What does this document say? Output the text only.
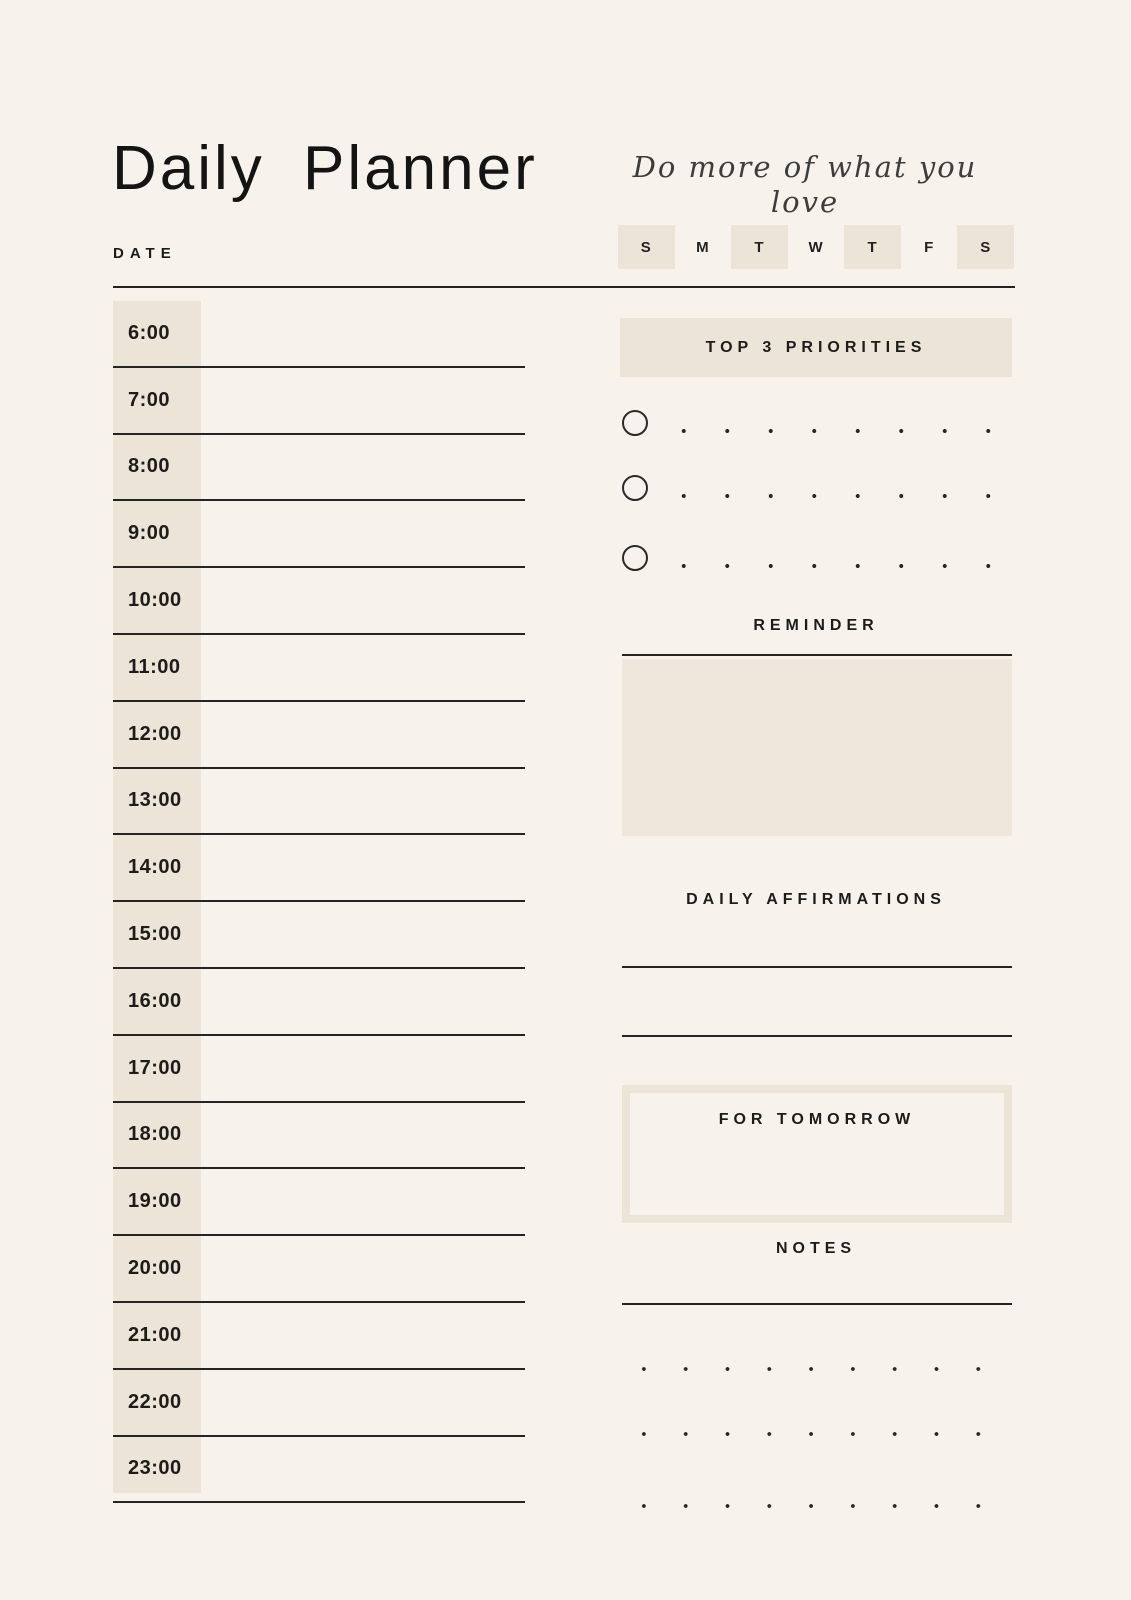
Daily Planner	Do more of what you love
DATE	S	M	T	W	T	F	S
6:00
7:00
8:00
9:00
10:00
11:00
12:00
13:00
14:00
15:00
16:00
17:00
18:00
19:00
20:00
21:00
22:00
23:00
TOP 3 PRIORITIES
REMINDER
DAILY AFFIRMATIONS
FOR TOMORROW
NOTES
